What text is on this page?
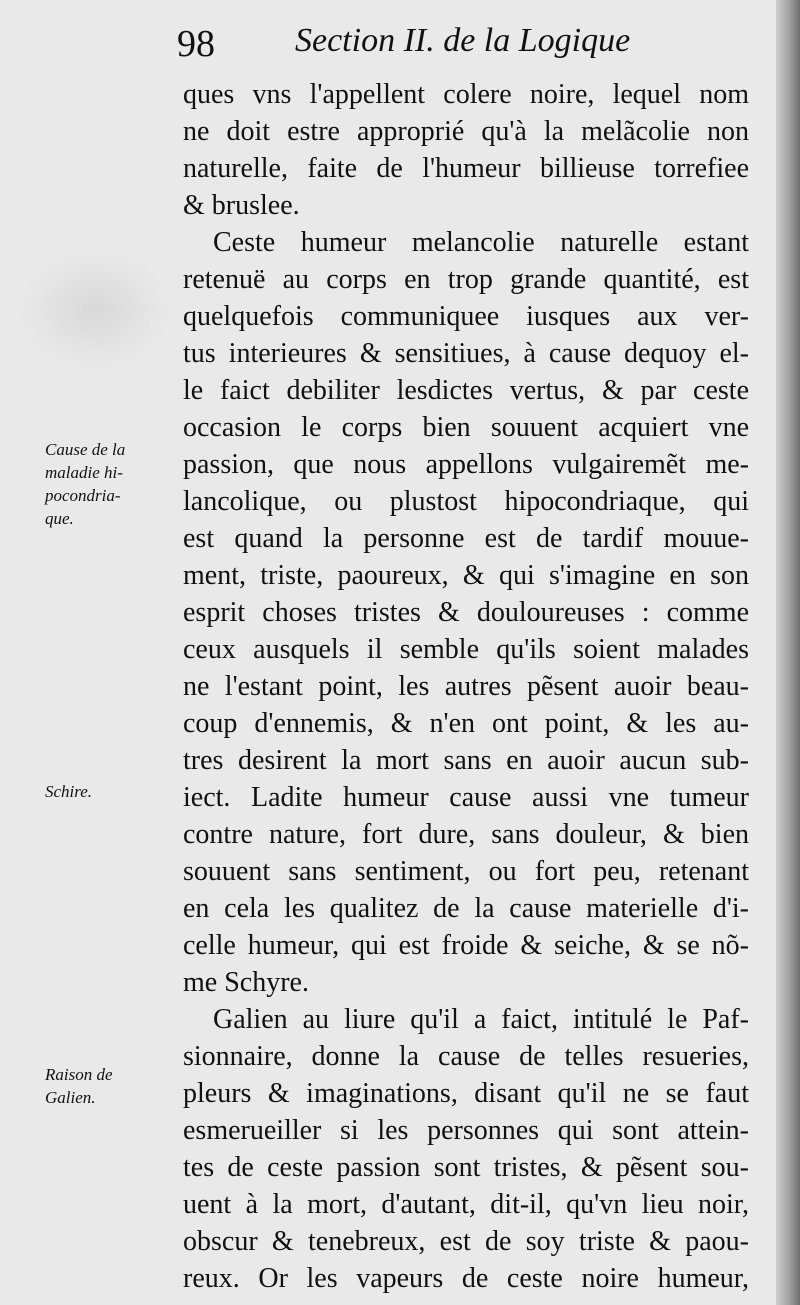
98 Section II. de la Logique
Cause de la
maladie hi-
pocondria-
que.
Schire.
Raison de
Galien.
ques vns l'appellent colere noire, lequel nom
ne doit estre approprié qu'à la melãcolie non
naturelle, faite de l'humeur billieuse torrefiee
& bruslee.
Ceste humeur melancolie naturelle estant
retenuë au corps en trop grande quantité, est
quelquefois communiquee iusques aux ver-
tus interieures & sensitiues, à cause dequoy el-
le faict debiliter lesdictes vertus, & par ceste
occasion le corps bien souuent acquiert vne
passion, que nous appellons vulgairemẽt me-
lancolique, ou plustost hipocondriaque, qui
est quand la personne est de tardif mouue-
ment, triste, paoureux, & qui s'imagine en son
esprit choses tristes & douloureuses : comme
ceux ausquels il semble qu'ils soient malades
ne l'estant point, les autres pẽsent auoir beau-
coup d'ennemis, & n'en ont point, & les au-
tres desirent la mort sans en auoir aucun sub-
iect. Ladite humeur cause aussi vne tumeur
contre nature, fort dure, sans douleur, & bien
souuent sans sentiment, ou fort peu, retenant
en cela les qualitez de la cause materielle d'i-
celle humeur, qui est froide & seiche, & se nõ-
me Schyre.
Galien au liure qu'il a faict, intitulé le Paf-
sionnaire, donne la cause de telles resueries,
pleurs & imaginations, disant qu'il ne se faut
esmerueiller si les personnes qui sont attein-
tes de ceste passion sont tristes, & pẽsent sou-
uent à la mort, d'autant, dit-il, qu'vn lieu noir,
obscur & tenebreux, est de soy triste & paou-
reux. Or les vapeurs de ceste noire humeur,
